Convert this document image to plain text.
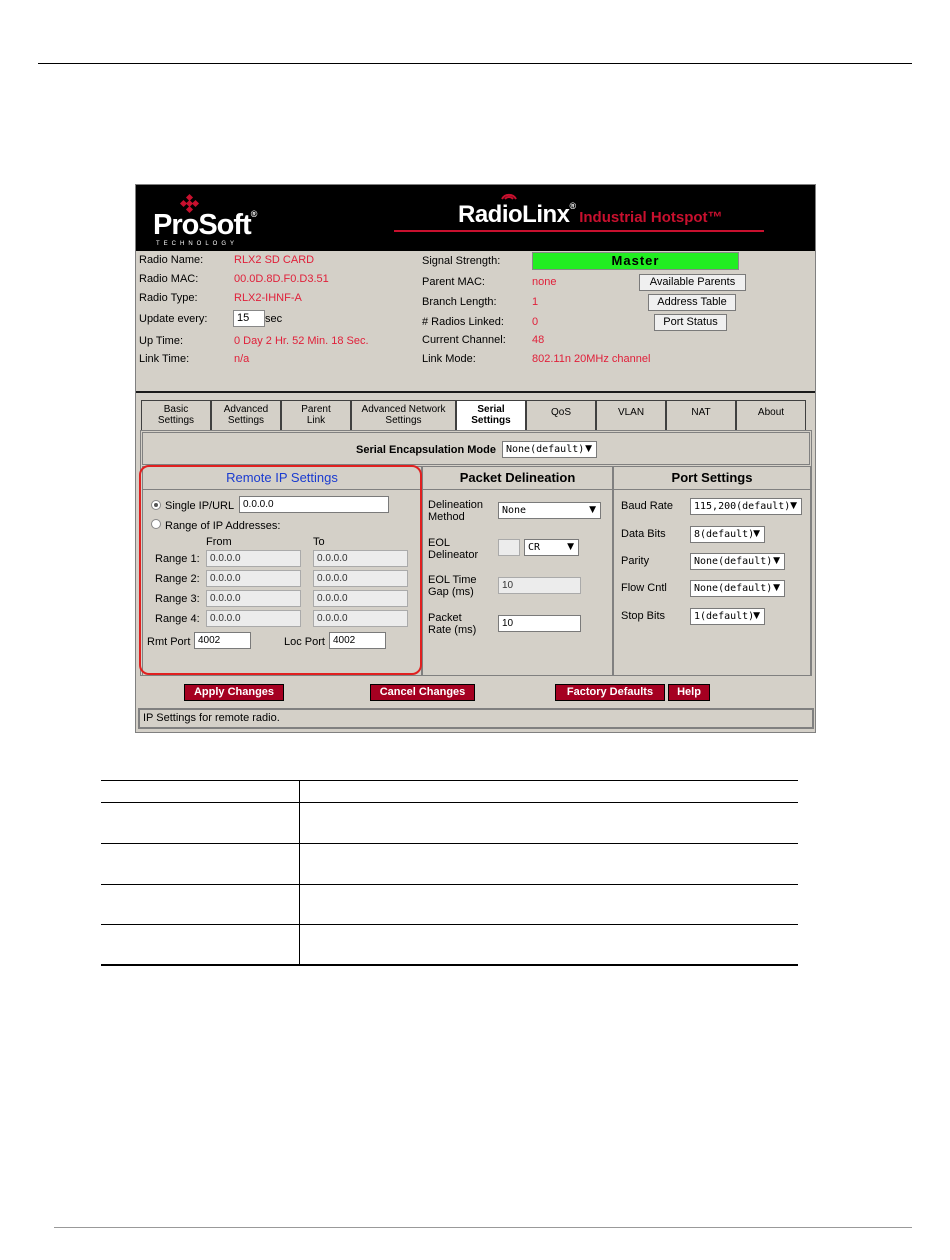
ProSoft®
TECHNOLOGY
RadioLinx® Industrial Hotspot™
Radio Name:	RLX2 SD CARD
Radio MAC:	00.0D.8D.F0.D3.51
Radio Type:	RLX2-IHNF-A
Update every:	15	sec
Up Time:	0 Day 2 Hr. 52 Min. 18 Sec.
Link Time:	n/a
Signal Strength:	Master
Parent MAC:	none
Branch Length:	1
# Radios Linked:	0
Current Channel: 48
Link Mode:	802.11n 20MHz channel
Available Parents
Address Table
Port Status
Basic
Settings
Advanced
Settings
Parent
Link
Advanced Network
Settings
Serial
Settings
QoS	VLAN	NAT	About
Serial Encapsulation Mode	None(default) ▼
Remote IP Settings
Single IP/URL 0.0.0.0
Range of IP Addresses:
From	To
Range 1:	0.0.0.0	0.0.0.0
Range 2:	0.0.0.0	0.0.0.0
Range 3:	0.0.0.0	0.0.0.0
Range 4:	0.0.0.0	0.0.0.0
Rmt Port 4002	Loc Port 4002
Packet Delineation
Delineation
Method
None	▼
EOL
Delineator
CR	▼
EOL Time
Gap (ms)
10
Packet
Rate (ms)
10
Port Settings
Baud Rate	115,200(default) ▼
Data Bits	8(default)
▼
Parity	None(default) ▼
Flow Cntl	None(default) ▼
Stop Bits	1(default)
▼
Apply Changes	Cancel Changes	Factory Defaults	Help
IP Settings for remote radio.
